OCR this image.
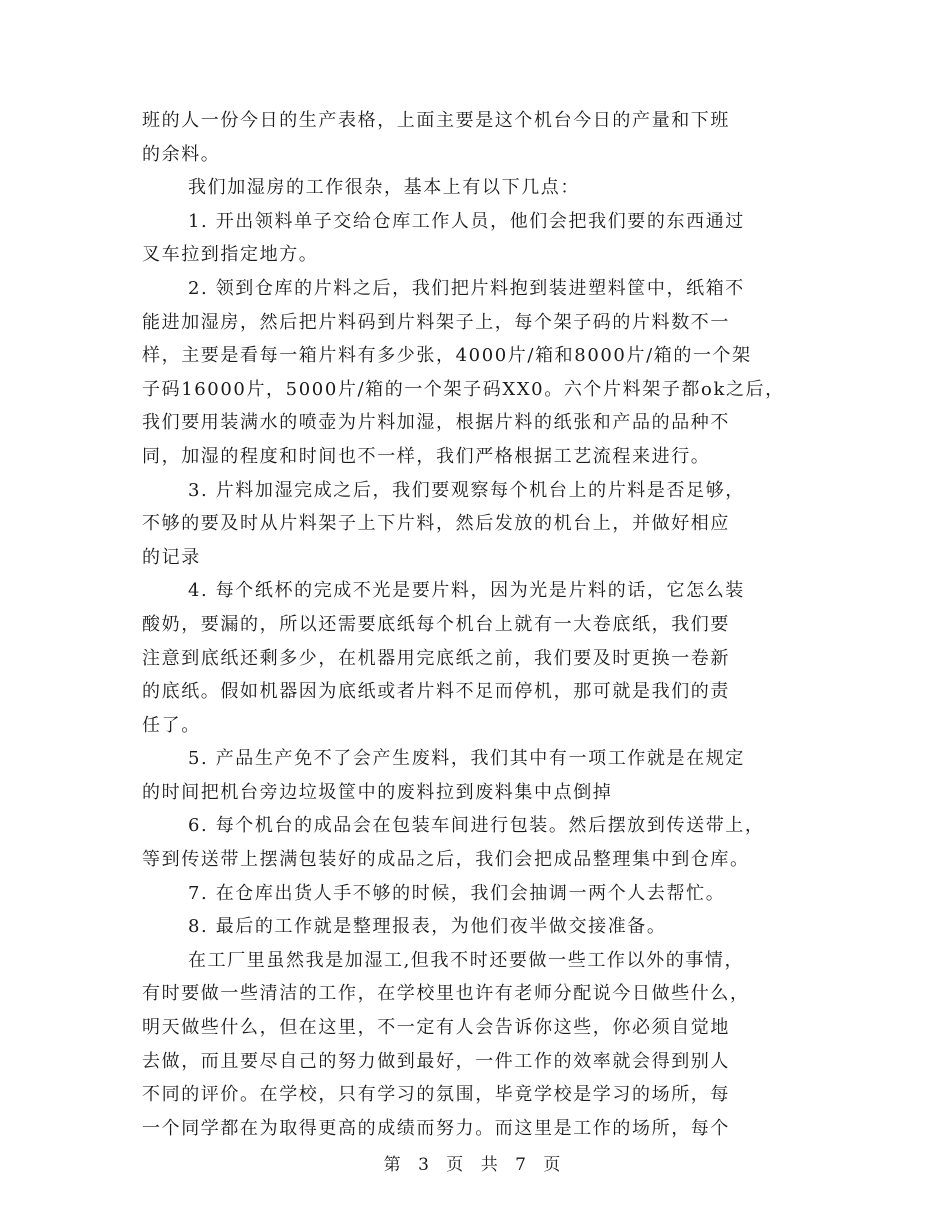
班的人一份今日的生产表格，上面主要是这个机台今日的产量和下班
的余料。
我们加湿房的工作很杂，基本上有以下几点：
1. 开出领料单子交给仓库工作人员，他们会把我们要的东西通过
叉车拉到指定地方。
2. 领到仓库的片料之后，我们把片料抱到装进塑料筐中，纸箱不
能进加湿房，然后把片料码到片料架子上，每个架子码的片料数不一
样，主要是看每一箱片料有多少张，4000片/箱和8000片/箱的一个架
子码16000片，5000片/箱的一个架子码XX0。六个片料架子都ok之后，
我们要用装满水的喷壶为片料加湿，根据片料的纸张和产品的品种不
同，加湿的程度和时间也不一样，我们严格根据工艺流程来进行。
3. 片料加湿完成之后，我们要观察每个机台上的片料是否足够，
不够的要及时从片料架子上下片料，然后发放的机台上，并做好相应
的记录
4. 每个纸杯的完成不光是要片料，因为光是片料的话，它怎么装
酸奶，要漏的，所以还需要底纸每个机台上就有一大卷底纸，我们要
注意到底纸还剩多少，在机器用完底纸之前，我们要及时更换一卷新
的底纸。假如机器因为底纸或者片料不足而停机，那可就是我们的责
任了。
5. 产品生产免不了会产生废料，我们其中有一项工作就是在规定
的时间把机台旁边垃圾筐中的废料拉到废料集中点倒掉
6. 每个机台的成品会在包装车间进行包装。然后摆放到传送带上，
等到传送带上摆满包装好的成品之后，我们会把成品整理集中到仓库。
7. 在仓库出货人手不够的时候，我们会抽调一两个人去帮忙。
8. 最后的工作就是整理报表，为他们夜半做交接准备。
在工厂里虽然我是加湿工,但我不时还要做一些工作以外的事情，
有时要做一些清洁的工作，在学校里也许有老师分配说今日做些什么，
明天做些什么，但在这里，不一定有人会告诉你这些，你必须自觉地
去做，而且要尽自己的努力做到最好，一件工作的效率就会得到别人
不同的评价。在学校，只有学习的氛围，毕竟学校是学习的场所，每
一个同学都在为取得更高的成绩而努力。而这里是工作的场所，每个
第 3 页 共 7 页
